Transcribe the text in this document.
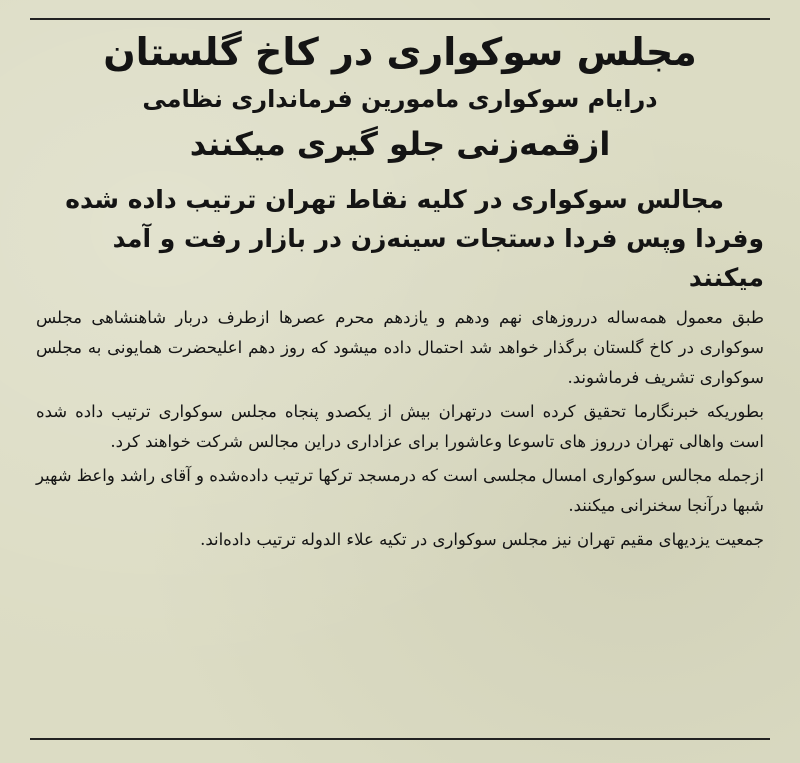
مجلس سوکواری در کاخ گلستان
درایام سوکواری مامورین فرمانداری نظامی
ازقمه‌زنی جلو گیری میکنند

مجالس سوکواری در کلیه نقاط تهران ترتیب داده شده

وفردا وپس فردا دستجات سینه‌زن در بازار رفت و آمد میکنند

طبق معمول همه‌ساله درروزهای نهم ودهم و یازدهم محرم عصرها ازطرف دربار شاهنشاهی مجلس سوکواری در کاخ گلستان برگذار خواهد شد احتمال داده میشود که روز دهم اعلیحضرت همایونی به مجلس سوکواری تشریف فرماشوند.

بطوریکه خبرنگارما تحقیق کرده است درتهران بیش از یکصدو پنجاه مجلس سوکواری ترتیب داده شده است واهالی تهران درروز های تاسوعا وعاشورا برای عزاداری دراین مجالس شرکت خواهند کرد.

ازجمله مجالس سوکواری امسال مجلسی است که درمسجد ترکها ترتیب داده‌شده و آقای راشد واعظ شهیر شبها درآنجا سخنرانی میکنند.

جمعیت یزدیهای مقیم تهران نیز مجلس سوکواری در تکیه علاء الدوله ترتیب داده‌اند.
